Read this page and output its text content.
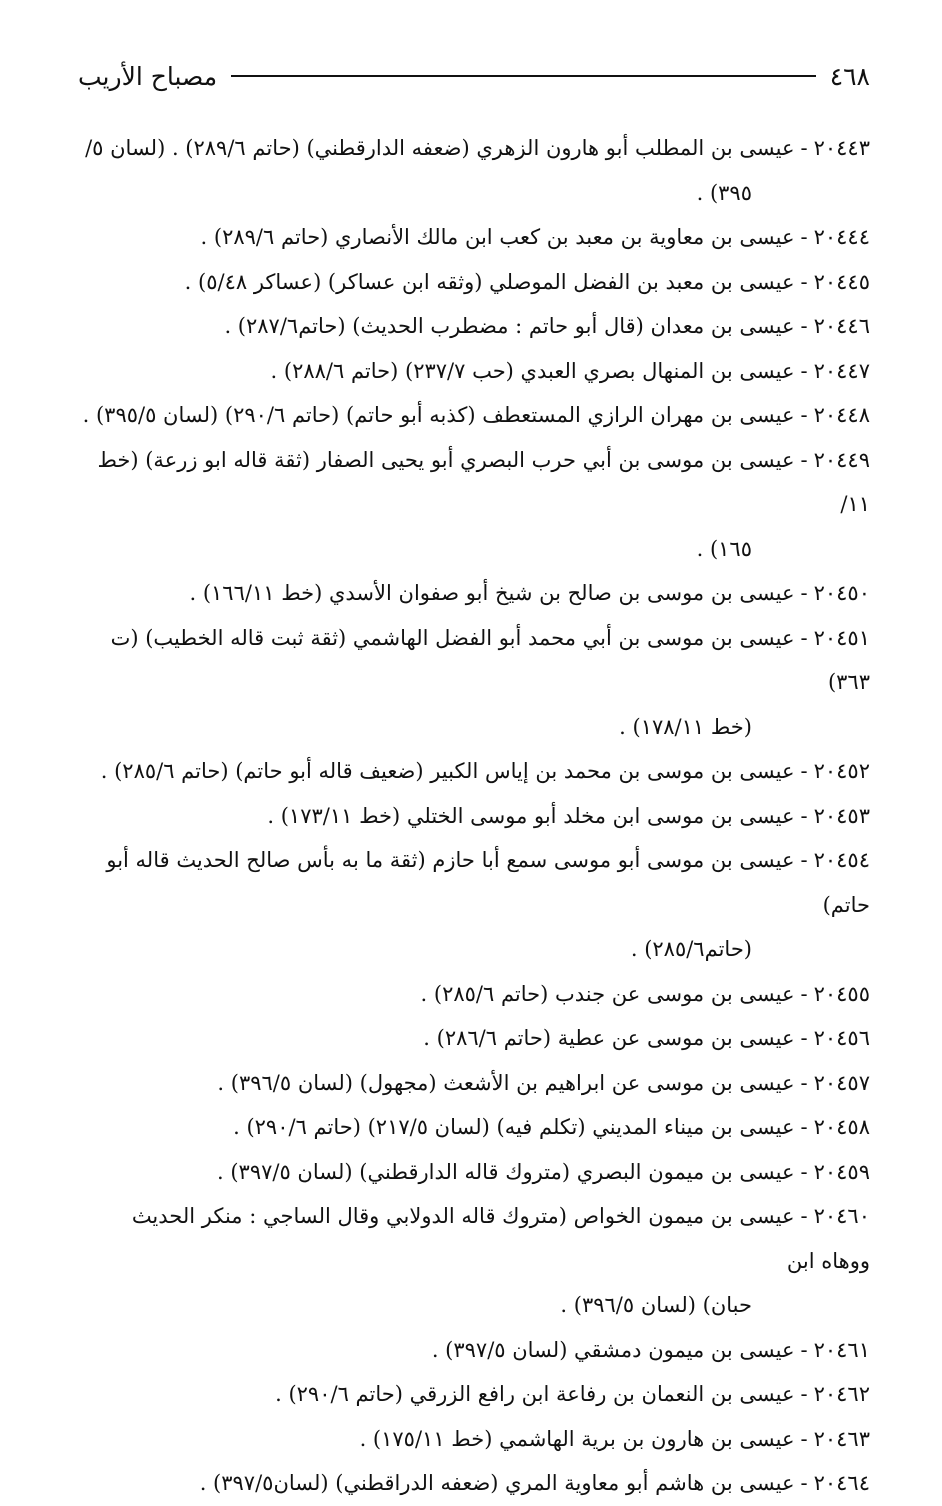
٤٦٨
مصباح الأريب
٢٠٤٤٣-عيسى بن المطلب أبو هارون الزهري (ضعفه الدارقطني) (حاتم ٢٨٩/٦) . (لسان ٥/
٣٩٥) .
٢٠٤٤٤-عيسى بن معاوية بن معبد بن كعب ابن مالك الأنصاري (حاتم ٢٨٩/٦) .
٢٠٤٤٥-عيسى بن معبد بن الفضل الموصلي (وثقه ابن عساكر) (عساكر ٥/٤٨) .
٢٠٤٤٦-عيسى بن معدان (قال أبو حاتم : مضطرب الحديث) (حاتم٢٨٧/٦) .
٢٠٤٤٧-عيسى بن المنهال بصري العبدي (حب ٢٣٧/٧) (حاتم ٢٨٨/٦) .
٢٠٤٤٨-عيسى بن مهران الرازي المستعطف (كذبه أبو حاتم) (حاتم ٢٩٠/٦) (لسان ٣٩٥/٥) .
٢٠٤٤٩-عيسى بن موسى بن أبي حرب البصري أبو يحيى الصفار (ثقة قاله ابو زرعة) (خط ١١/
١٦٥) .
٢٠٤٥٠-عيسى بن موسى بن صالح بن شيخ أبو صفوان الأسدي (خط ١٦٦/١١) .
٢٠٤٥١-عيسى بن موسى بن أبي محمد أبو الفضل الهاشمي (ثقة ثبت قاله الخطيب) (ت ٣٦٣)
(خط ١٧٨/١١) .
٢٠٤٥٢-عيسى بن موسى بن محمد بن إياس الكبير (ضعيف قاله أبو حاتم) (حاتم ٢٨٥/٦) .
٢٠٤٥٣-عيسى بن موسى ابن مخلد أبو موسى الختلي (خط ١٧٣/١١) .
٢٠٤٥٤-عيسى بن موسى أبو موسى سمع أبا حازم (ثقة ما به بأس صالح الحديث قاله أبو حاتم)
(حاتم٢٨٥/٦) .
٢٠٤٥٥-عيسى بن موسى عن جندب (حاتم ٢٨٥/٦) .
٢٠٤٥٦-عيسى بن موسى عن عطية (حاتم ٢٨٦/٦) .
٢٠٤٥٧-عيسى بن موسى عن ابراهيم بن الأشعث (مجهول) (لسان ٣٩٦/٥) .
٢٠٤٥٨-عيسى بن ميناء المديني (تكلم فيه) (لسان ٢١٧/٥) (حاتم ٢٩٠/٦) .
٢٠٤٥٩-عيسى بن ميمون البصري (متروك قاله الدارقطني) (لسان ٣٩٧/٥) .
٢٠٤٦٠-عيسى بن ميمون الخواص (متروك قاله الدولابي وقال الساجي : منكر الحديث ووهاه ابن
حبان) (لسان ٣٩٦/٥) .
٢٠٤٦١-عيسى بن ميمون دمشقي (لسان ٣٩٧/٥) .
٢٠٤٦٢-عيسى بن النعمان بن رفاعة ابن رافع الزرقي (حاتم ٢٩٠/٦) .
٢٠٤٦٣-عيسى بن هارون بن برية الهاشمي (خط ١٧٥/١١) .
٢٠٤٦٤-عيسى بن هاشم أبو معاوية المري (ضعفه الدراقطني) (لسان٣٩٧/٥) .
